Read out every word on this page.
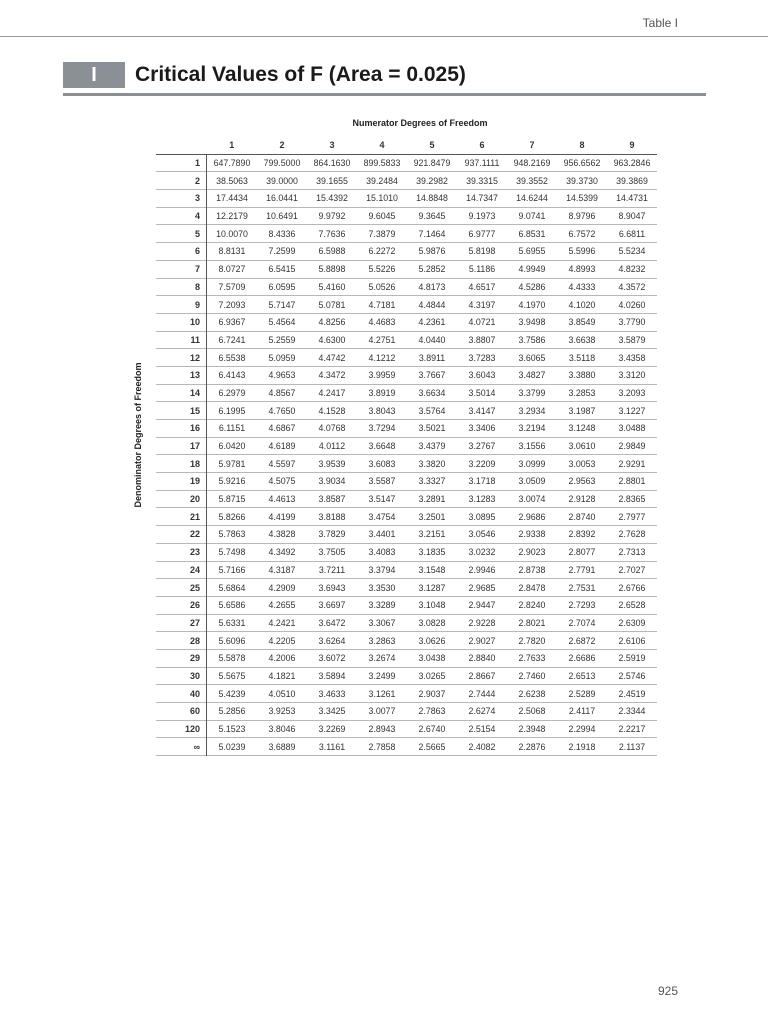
Table I
I	Critical Values of F (Area = 0.025)
Numerator Degrees of Freedom
Denominator Degrees of Freedom
	1	2	3	4	5	6	7	8	9
1	647.7890	799.5000	864.1630	899.5833	921.8479	937.1111	948.2169	956.6562	963.2846
2	38.5063	39.0000	39.1655	39.2484	39.2982	39.3315	39.3552	39.3730	39.3869
3	17.4434	16.0441	15.4392	15.1010	14.8848	14.7347	14.6244	14.5399	14.4731
4	12.2179	10.6491	9.9792	9.6045	9.3645	9.1973	9.0741	8.9796	8.9047
5	10.0070	8.4336	7.7636	7.3879	7.1464	6.9777	6.8531	6.7572	6.6811
6	8.8131	7.2599	6.5988	6.2272	5.9876	5.8198	5.6955	5.5996	5.5234
7	8.0727	6.5415	5.8898	5.5226	5.2852	5.1186	4.9949	4.8993	4.8232
8	7.5709	6.0595	5.4160	5.0526	4.8173	4.6517	4.5286	4.4333	4.3572
9	7.2093	5.7147	5.0781	4.7181	4.4844	4.3197	4.1970	4.1020	4.0260
10	6.9367	5.4564	4.8256	4.4683	4.2361	4.0721	3.9498	3.8549	3.7790
11	6.7241	5.2559	4.6300	4.2751	4.0440	3.8807	3.7586	3.6638	3.5879
12	6.5538	5.0959	4.4742	4.1212	3.8911	3.7283	3.6065	3.5118	3.4358
13	6.4143	4.9653	4.3472	3.9959	3.7667	3.6043	3.4827	3.3880	3.3120
14	6.2979	4.8567	4.2417	3.8919	3.6634	3.5014	3.3799	3.2853	3.2093
15	6.1995	4.7650	4.1528	3.8043	3.5764	3.4147	3.2934	3.1987	3.1227
16	6.1151	4.6867	4.0768	3.7294	3.5021	3.3406	3.2194	3.1248	3.0488
17	6.0420	4.6189	4.0112	3.6648	3.4379	3.2767	3.1556	3.0610	2.9849
18	5.9781	4.5597	3.9539	3.6083	3.3820	3.2209	3.0999	3.0053	2.9291
19	5.9216	4.5075	3.9034	3.5587	3.3327	3.1718	3.0509	2.9563	2.8801
20	5.8715	4.4613	3.8587	3.5147	3.2891	3.1283	3.0074	2.9128	2.8365
21	5.8266	4.4199	3.8188	3.4754	3.2501	3.0895	2.9686	2.8740	2.7977
22	5.7863	4.3828	3.7829	3.4401	3.2151	3.0546	2.9338	2.8392	2.7628
23	5.7498	4.3492	3.7505	3.4083	3.1835	3.0232	2.9023	2.8077	2.7313
24	5.7166	4.3187	3.7211	3.3794	3.1548	2.9946	2.8738	2.7791	2.7027
25	5.6864	4.2909	3.6943	3.3530	3.1287	2.9685	2.8478	2.7531	2.6766
26	5.6586	4.2655	3.6697	3.3289	3.1048	2.9447	2.8240	2.7293	2.6528
27	5.6331	4.2421	3.6472	3.3067	3.0828	2.9228	2.8021	2.7074	2.6309
28	5.6096	4.2205	3.6264	3.2863	3.0626	2.9027	2.7820	2.6872	2.6106
29	5.5878	4.2006	3.6072	3.2674	3.0438	2.8840	2.7633	2.6686	2.5919
30	5.5675	4.1821	3.5894	3.2499	3.0265	2.8667	2.7460	2.6513	2.5746
40	5.4239	4.0510	3.4633	3.1261	2.9037	2.7444	2.6238	2.5289	2.4519
60	5.2856	3.9253	3.3425	3.0077	2.7863	2.6274	2.5068	2.4117	2.3344
120	5.1523	3.8046	3.2269	2.8943	2.6740	2.5154	2.3948	2.2994	2.2217
∞	5.0239	3.6889	3.1161	2.7858	2.5665	2.4082	2.2876	2.1918	2.1137
925
